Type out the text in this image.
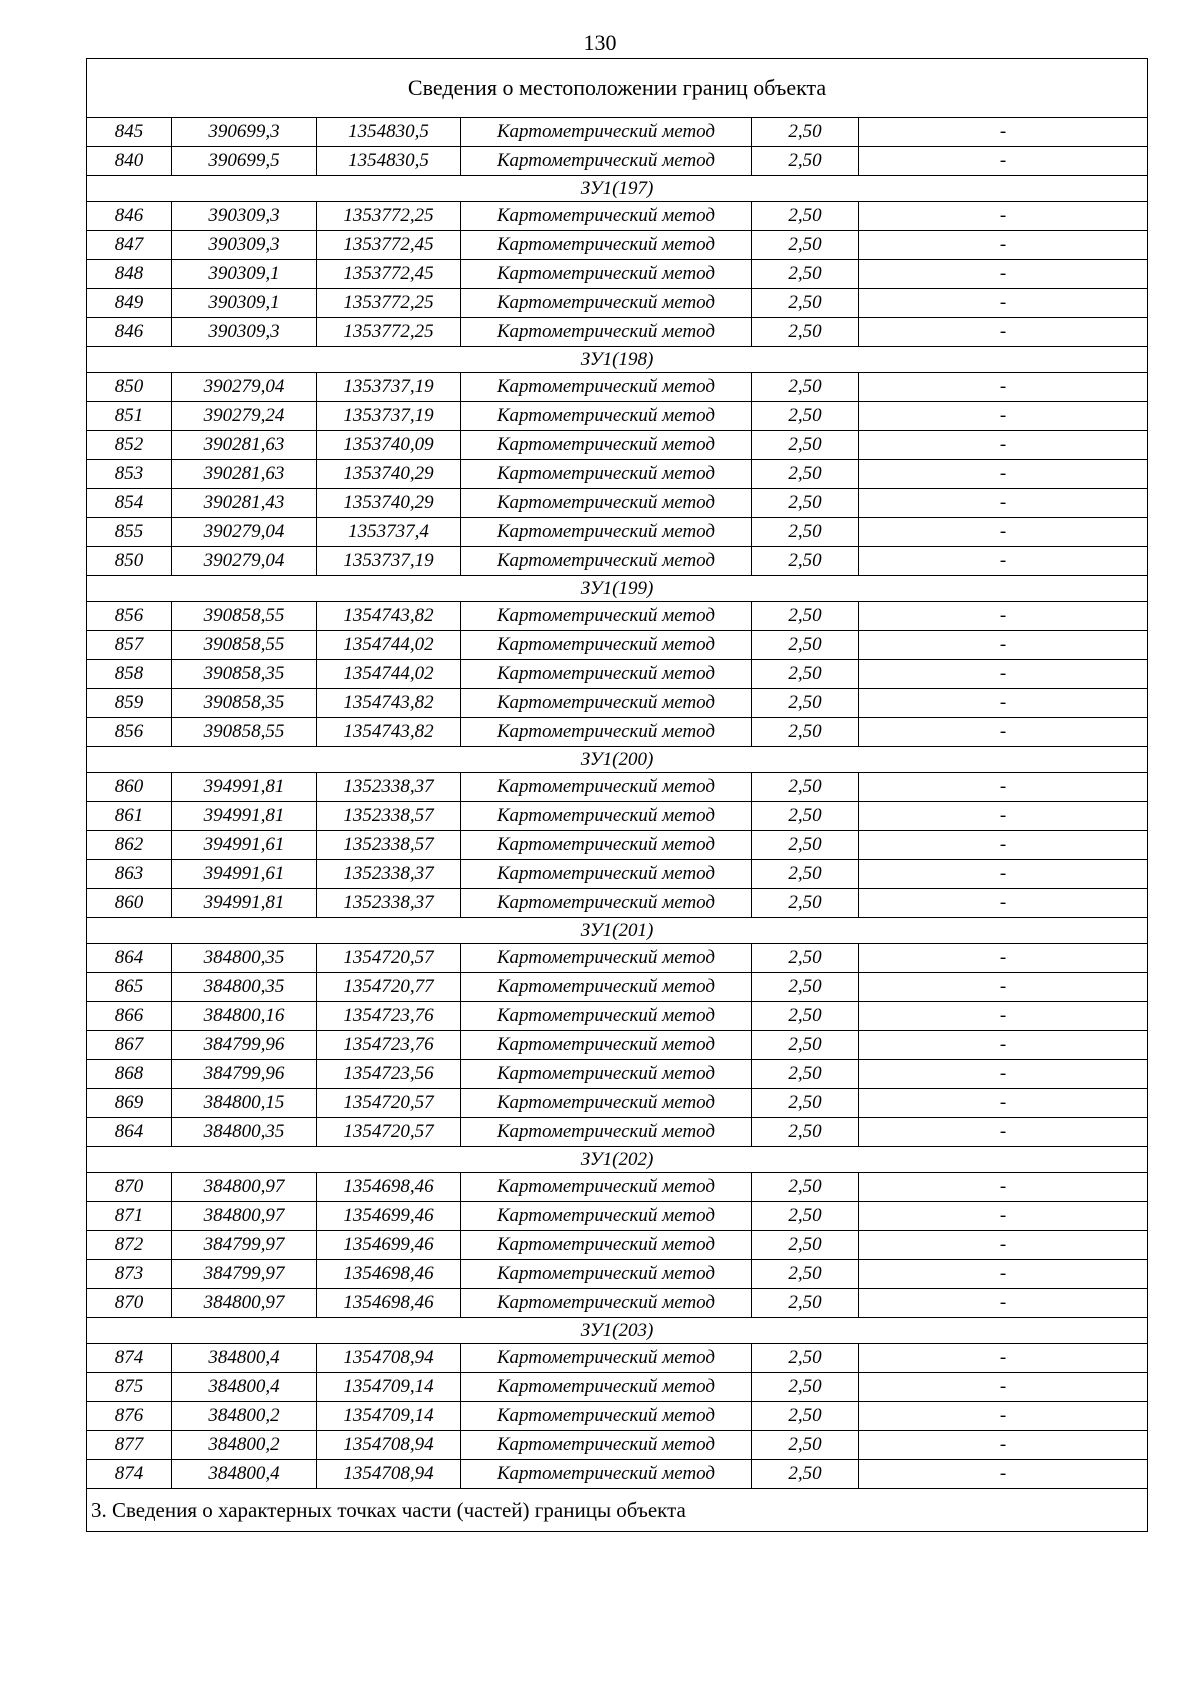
130
Сведения о местоположении границ объекта					
845	390699,3	1354830,5	Картометрический метод	2,50	-
840	390699,5	1354830,5	Картометрический метод	2,50	-
ЗУ1(197)					
846	390309,3	1353772,25	Картометрический метод	2,50	-
847	390309,3	1353772,45	Картометрический метод	2,50	-
848	390309,1	1353772,45	Картометрический метод	2,50	-
849	390309,1	1353772,25	Картометрический метод	2,50	-
846	390309,3	1353772,25	Картометрический метод	2,50	-
ЗУ1(198)					
850	390279,04	1353737,19	Картометрический метод	2,50	-
851	390279,24	1353737,19	Картометрический метод	2,50	-
852	390281,63	1353740,09	Картометрический метод	2,50	-
853	390281,63	1353740,29	Картометрический метод	2,50	-
854	390281,43	1353740,29	Картометрический метод	2,50	-
855	390279,04	1353737,4	Картометрический метод	2,50	-
850	390279,04	1353737,19	Картометрический метод	2,50	-
ЗУ1(199)					
856	390858,55	1354743,82	Картометрический метод	2,50	-
857	390858,55	1354744,02	Картометрический метод	2,50	-
858	390858,35	1354744,02	Картометрический метод	2,50	-
859	390858,35	1354743,82	Картометрический метод	2,50	-
856	390858,55	1354743,82	Картометрический метод	2,50	-
ЗУ1(200)					
860	394991,81	1352338,37	Картометрический метод	2,50	-
861	394991,81	1352338,57	Картометрический метод	2,50	-
862	394991,61	1352338,57	Картометрический метод	2,50	-
863	394991,61	1352338,37	Картометрический метод	2,50	-
860	394991,81	1352338,37	Картометрический метод	2,50	-
ЗУ1(201)					
864	384800,35	1354720,57	Картометрический метод	2,50	-
865	384800,35	1354720,77	Картометрический метод	2,50	-
866	384800,16	1354723,76	Картометрический метод	2,50	-
867	384799,96	1354723,76	Картометрический метод	2,50	-
868	384799,96	1354723,56	Картометрический метод	2,50	-
869	384800,15	1354720,57	Картометрический метод	2,50	-
864	384800,35	1354720,57	Картометрический метод	2,50	-
ЗУ1(202)					
870	384800,97	1354698,46	Картометрический метод	2,50	-
871	384800,97	1354699,46	Картометрический метод	2,50	-
872	384799,97	1354699,46	Картометрический метод	2,50	-
873	384799,97	1354698,46	Картометрический метод	2,50	-
870	384800,97	1354698,46	Картометрический метод	2,50	-
ЗУ1(203)					
874	384800,4	1354708,94	Картометрический метод	2,50	-
875	384800,4	1354709,14	Картометрический метод	2,50	-
876	384800,2	1354709,14	Картометрический метод	2,50	-
877	384800,2	1354708,94	Картометрический метод	2,50	-
874	384800,4	1354708,94	Картометрический метод	2,50	-
3. Сведения о характерных точках части (частей) границы объекта					
